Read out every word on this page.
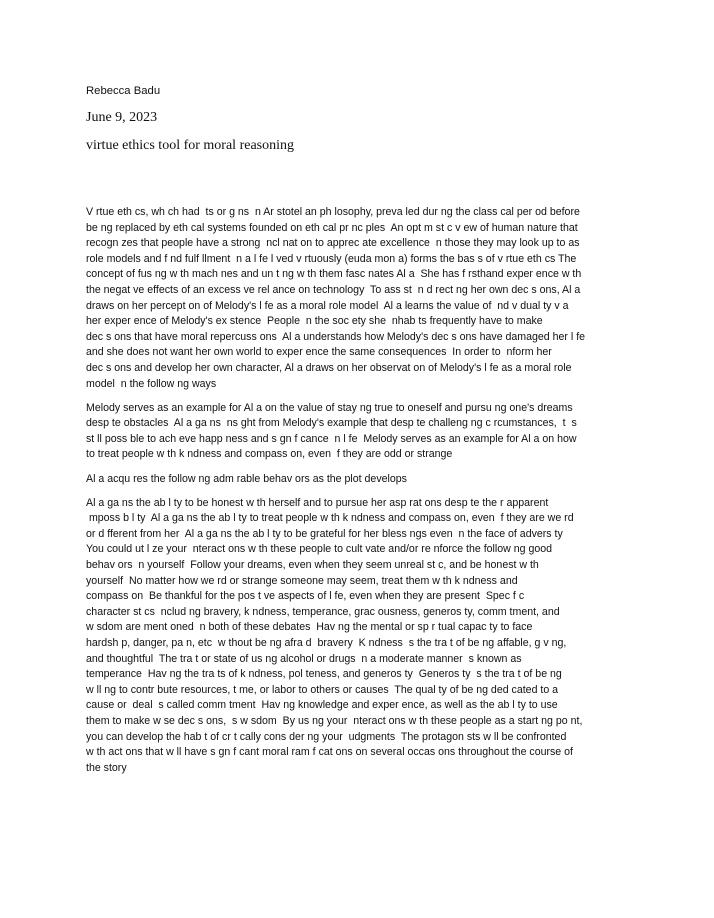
Rebecca Badu

June 9, 2023

virtue ethics tool for moral reasoning

V rtue eth cs, wh ch had  ts or g ns  n Ar stotel an ph losophy, preva led dur ng the class cal per od before
be ng replaced by eth cal systems founded on eth cal pr nc ples  An opt m st c v ew of human nature that
recogn zes that people have a strong  ncl nat on to apprec ate excellence  n those they may look up to as
role models and f nd fulf llment  n a l fe l ved v rtuously (euda mon a) forms the bas s of v rtue eth cs The
concept of fus ng w th mach nes and un t ng w th them fasc nates Al a  She has f rsthand exper ence w th
the negat ve effects of an excess ve rel ance on technology  To ass st  n d rect ng her own dec s ons, Al a
draws on her percept on of Melody's l fe as a moral role model  Al a learns the value of  nd v dual ty v a
her exper ence of Melody's ex stence  People  n the soc ety she  nhab ts frequently have to make
dec s ons that have moral repercuss ons  Al a understands how Melody's dec s ons have damaged her l fe
and she does not want her own world to exper ence the same consequences  In order to  nform her
dec s ons and develop her own character, Al a draws on her observat on of Melody's l fe as a moral role
model  n the follow ng ways

Melody serves as an example for Al a on the value of stay ng true to oneself and pursu ng one's dreams
desp te obstacles  Al a ga ns  ns ght from Melody's example that desp te challeng ng c rcumstances,  t  s
st ll poss ble to ach eve happ ness and s gn f cance  n l fe  Melody serves as an example for Al a on how
to treat people w th k ndness and compass on, even  f they are odd or strange

Al a acqu res the follow ng adm rable behav ors as the plot develops

Al a ga ns the ab l ty to be honest w th herself and to pursue her asp rat ons desp te the r apparent
mposs b l ty  Al a ga ns the ab l ty to treat people w th k ndness and compass on, even  f they are we rd
or d fferent from her  Al a ga ns the ab l ty to be grateful for her bless ngs even  n the face of advers ty
You could ut l ze your  nteract ons w th these people to cult vate and/or re nforce the follow ng good
behav ors  n yourself  Follow your dreams, even when they seem unreal st c, and be honest w th
yourself  No matter how we rd or strange someone may seem, treat them w th k ndness and
compass on  Be thankful for the pos t ve aspects of l fe, even when they are present  Spec f c
character st cs  nclud ng bravery, k ndness, temperance, grac ousness, generos ty, comm tment, and
w sdom are ment oned  n both of these debates  Hav ng the mental or sp r tual capac ty to face
hardsh p, danger, pa n, etc  w thout be ng afra d  bravery  K ndness  s the tra t of be ng affable, g v ng,
and thoughtful  The tra t or state of us ng alcohol or drugs  n a moderate manner  s known as
temperance  Hav ng the tra ts of k ndness, pol teness, and generos ty  Generos ty  s the tra t of be ng
w ll ng to contr bute resources, t me, or labor to others or causes  The qual ty of be ng ded cated to a
cause or  deal  s called comm tment  Hav ng knowledge and exper ence, as well as the ab l ty to use
them to make w se dec s ons,  s w sdom  By us ng your  nteract ons w th these people as a start ng po nt,
you can develop the hab t of cr t cally cons der ng your  udgments  The protagon sts w ll be confronted
w th act ons that w ll have s gn f cant moral ram f cat ons on several occas ons throughout the course of
the story
